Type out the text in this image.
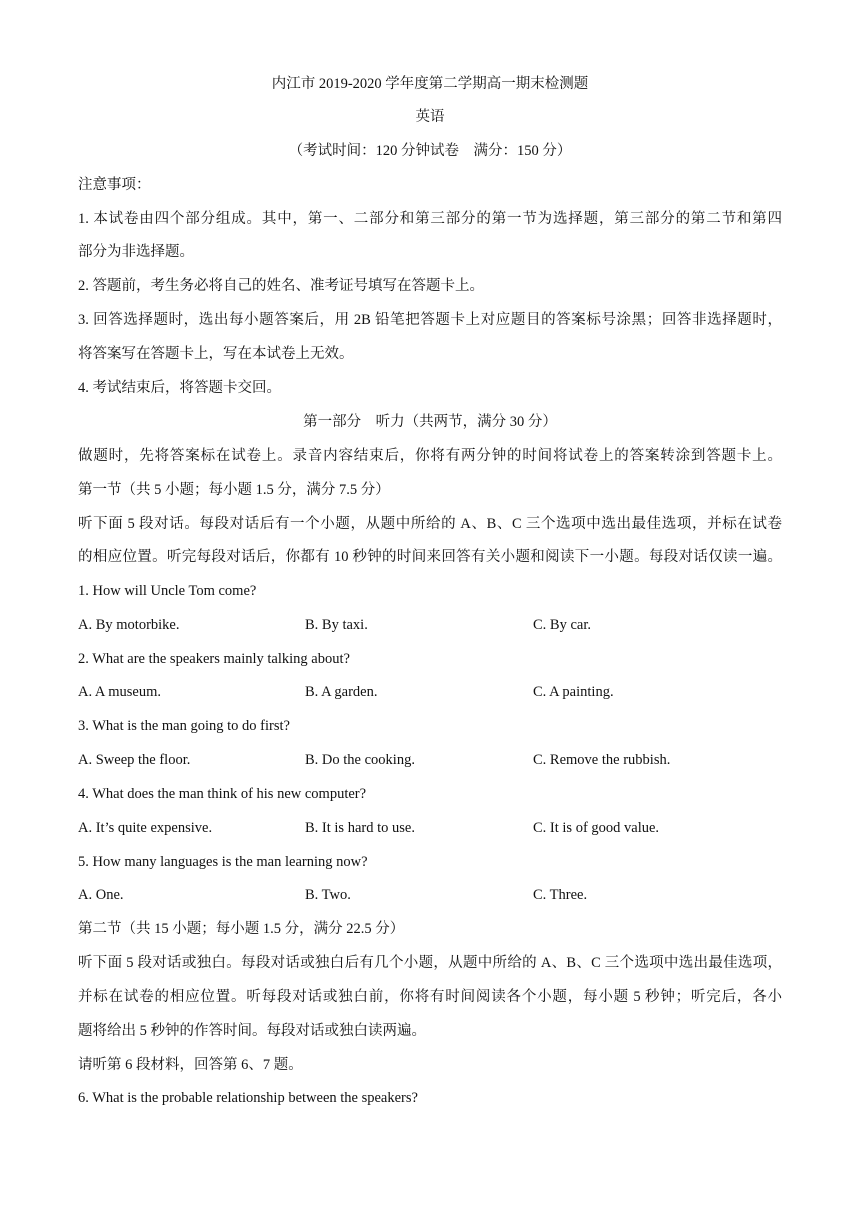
内江市 2019-2020 学年度第二学期高一期末检测题
英语
（考试时间：120 分钟试卷　满分：150 分）
注意事项：
1. 本试卷由四个部分组成。其中，第一、二部分和第三部分的第一节为选择题，第三部分的第二节和第四
部分为非选择题。
2. 答题前，考生务必将自己的姓名、准考证号填写在答题卡上。
3. 回答选择题时，选出每小题答案后，用 2B 铅笔把答题卡上对应题目的答案标号涂黑；回答非选择题时，
将答案写在答题卡上，写在本试卷上无效。
4. 考试结束后，将答题卡交回。
第一部分　听力（共两节，满分 30 分）
做题时，先将答案标在试卷上。录音内容结束后，你将有两分钟的时间将试卷上的答案转涂到答题卡上。
第一节（共 5 小题；每小题 1.5 分，满分 7.5 分）
听下面 5 段对话。每段对话后有一个小题，从题中所给的 A、B、C 三个选项中选出最佳选项，并标在试卷
的相应位置。听完每段对话后，你都有 10 秒钟的时间来回答有关小题和阅读下一小题。每段对话仅读一遍。
1. How will Uncle Tom come?
A. By motorbike.	B. By taxi.	C. By car.
2. What are the speakers mainly talking about?
A. A museum.	B. A garden.	C. A painting.
3. What is the man going to do first?
A. Sweep the floor.	B. Do the cooking.	C. Remove the rubbish.
4. What does the man think of his new computer?
A. It’s quite expensive.	B. It is hard to use.	C. It is of good value.
5. How many languages is the man learning now?
A. One.	B. Two.	C. Three.
第二节（共 15 小题；每小题 1.5 分，满分 22.5 分）
听下面 5 段对话或独白。每段对话或独白后有几个小题，从题中所给的 A、B、C 三个选项中选出最佳选项，
并标在试卷的相应位置。听每段对话或独白前，你将有时间阅读各个小题，每小题 5 秒钟；听完后，各小
题将给出 5 秒钟的作答时间。每段对话或独白读两遍。
请听第 6 段材料，回答第 6、7 题。
6. What is the probable relationship between the speakers?
